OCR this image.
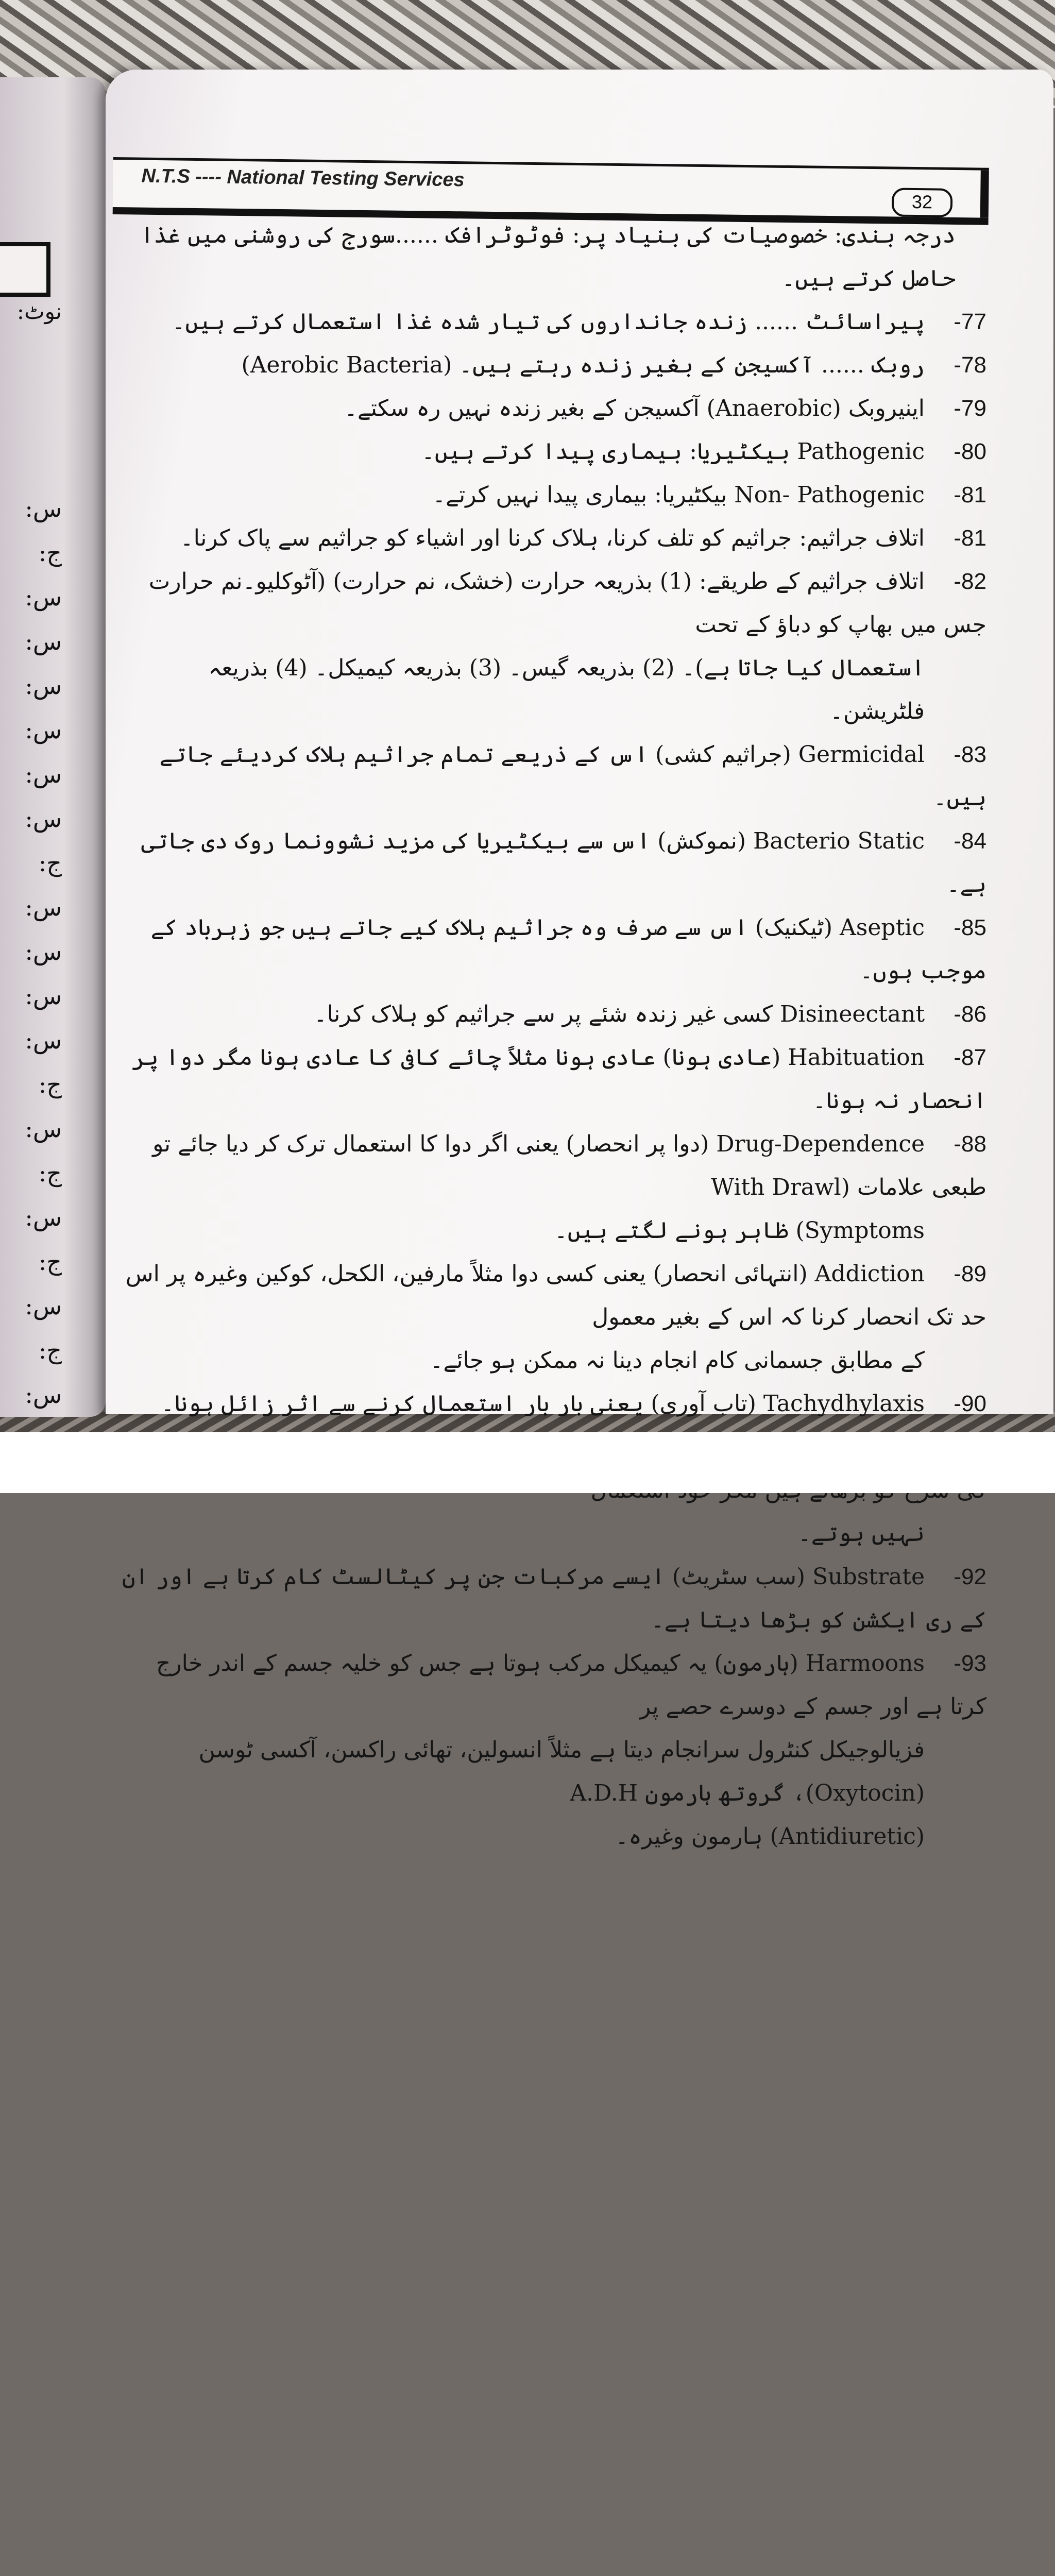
نوٹ:
س:
ج:
س:
س:
س:
س:
س:
س:
ج:
س:
س:
س:
س:
ج:
س:
ج:
س:
ج:
س:
ج:
س:
N.T.S ---- National Testing Services
32
درجہ بندی: خصوصیات کی بنیاد پر: فوٹوٹرافک ......سورج کی روشنی میں غذا حاصل کرتے ہیں۔
-77پیراسائٹ ...... زندہ جانداروں کی تیار شدہ غذا استعمال کرتے ہیں۔
-78روبک ...... آکسیجن کے بغیر زندہ رہتے ہیں۔ (Aerobic Bacteria)
-79اینیروبک (Anaerobic) آکسیجن کے بغیر زندہ نہیں رہ سکتے۔
-80Pathogenic بیکٹیریا: بیماری پیدا کرتے ہیں۔
-81Non- Pathogenic بیکٹیریا: بیماری پیدا نہیں کرتے۔
-81اتلاف جراثیم: جراثیم کو تلف کرنا، ہلاک کرنا اور اشیاء کو جراثیم سے پاک کرنا۔
-82اتلاف جراثیم کے طریقے: (1) بذریعہ حرارت (خشک، نم حرارت) (آٹوکلیو۔نم حرارت جس میں بھاپ کو دباؤ کے تحت
استعمال کیا جاتا ہے)۔ (2) بذریعہ گیس۔ (3) بذریعہ کیمیکل۔ (4) بذریعہ فلٹریشن۔
-83Germicidal (جراثیم کشی) اس کے ذریعے تمام جراثیم ہلاک کردیئے جاتے ہیں۔
-84Bacterio Static (نموکش) اس سے بیکٹیریا کی مزید نشوونما روک دی جاتی ہے۔
-85Aseptic (ٹیکنیک) اس سے صرف وہ جراثیم ہلاک کیے جاتے ہیں جو زہرباد کے موجب ہوں۔
-86Disineectant کسی غیر زندہ شئے پر سے جراثیم کو ہلاک کرنا۔
-87Habituation (عادی ہونا) عادی ہونا مثلاً چائے کافی کا عادی ہونا مگر دوا پر انحصار نہ ہونا۔
-88Drug-Dependence (دوا پر انحصار) یعنی اگر دوا کا استعمال ترک کر دیا جائے تو طبعی علامات (With Drawl
Symptoms) ظاہر ہونے لگتے ہیں۔
-89Addiction (انتہائی انحصار) یعنی کسی دوا مثلاً مارفین، الکحل، کوکین وغیرہ پر اس حد تک انحصار کرنا کہ اس کے بغیر معمول
کے مطابق جسمانی کام انجام دینا نہ ممکن ہو جائے۔
-90Tachydhylaxis (تاب آوری) یعنی بار بار استعمال کرنے سے اثر زائل ہونا۔
نہیں ہوتے۔
-92Substrate (سب سٹریٹ) ایسے مرکبات جن پر کیٹالسٹ کام کرتا ہے اور ان کے ری ایکشن کو بڑھا دیتا ہے۔
-93Harmoons (ہارمون) یہ کیمیکل مرکب ہوتا ہے جس کو خلیہ جسم کے اندر خارج کرتا ہے اور جسم کے دوسرے حصے پر
فزیالوجیکل کنٹرول سرانجام دیتا ہے مثلاً انسولین، تھائی راکسن، آکسی ٹوسن (Oxytocin)، گروتھ ہارمون A.D.H
(Antidiuretic) ہارمون وغیرہ۔
